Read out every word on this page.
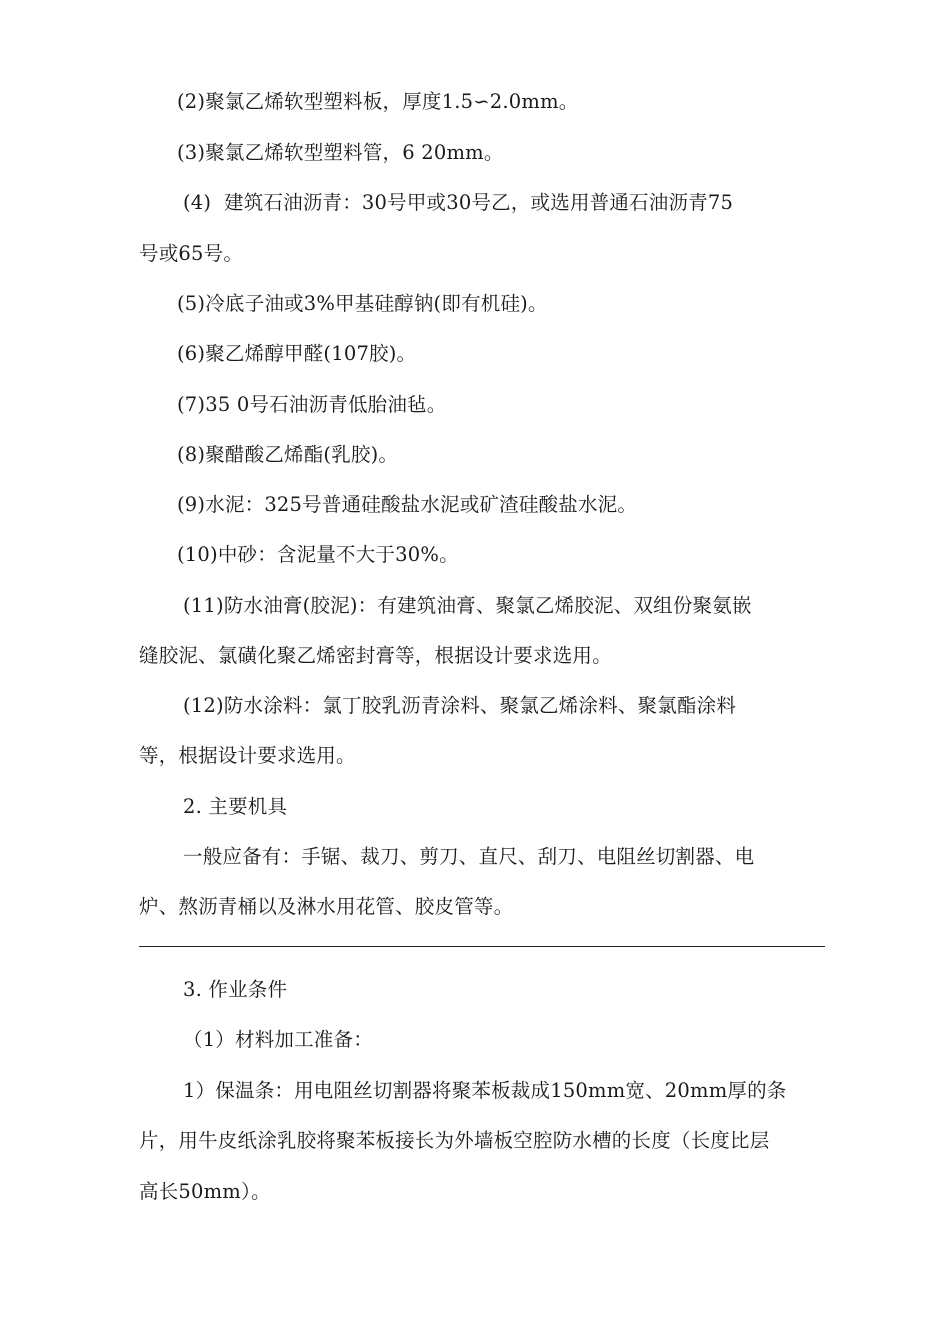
(2)聚氯乙烯软型塑料板，厚度1.5∽2.0mm。
(3)聚氯乙烯软型塑料管，6 20mm。
(4)  建筑石油沥青：30号甲或30号乙，或选用普通石油沥青75
号或65号。
(5)冷底子油或3%甲基硅醇钠(即有机硅)。
(6)聚乙烯醇甲醛(107胶)。
(7)35 0号石油沥青低胎油毡。
(8)聚醋酸乙烯酯(乳胶)。
(9)水泥：325号普通硅酸盐水泥或矿渣硅酸盐水泥。
(10)中砂：含泥量不大于30%。
(11)防水油膏(胶泥)：有建筑油膏、聚氯乙烯胶泥、双组份聚氨嵌
缝胶泥、氯磺化聚乙烯密封膏等，根据设计要求选用。
(12)防水涂料：氯丁胶乳沥青涂料、聚氯乙烯涂料、聚氯酯涂料
等，根据设计要求选用。
2. 主要机具
一般应备有：手锯、裁刀、剪刀、直尺、刮刀、电阻丝切割器、电
炉、熬沥青桶以及淋水用花管、胶皮管等。
3. 作业条件
（1）材料加工准备：
1）保温条：用电阻丝切割器将聚苯板裁成150mm宽、20mm厚的条
片，用牛皮纸涂乳胶将聚苯板接长为外墙板空腔防水槽的长度（长度比层
高长50mm）。
